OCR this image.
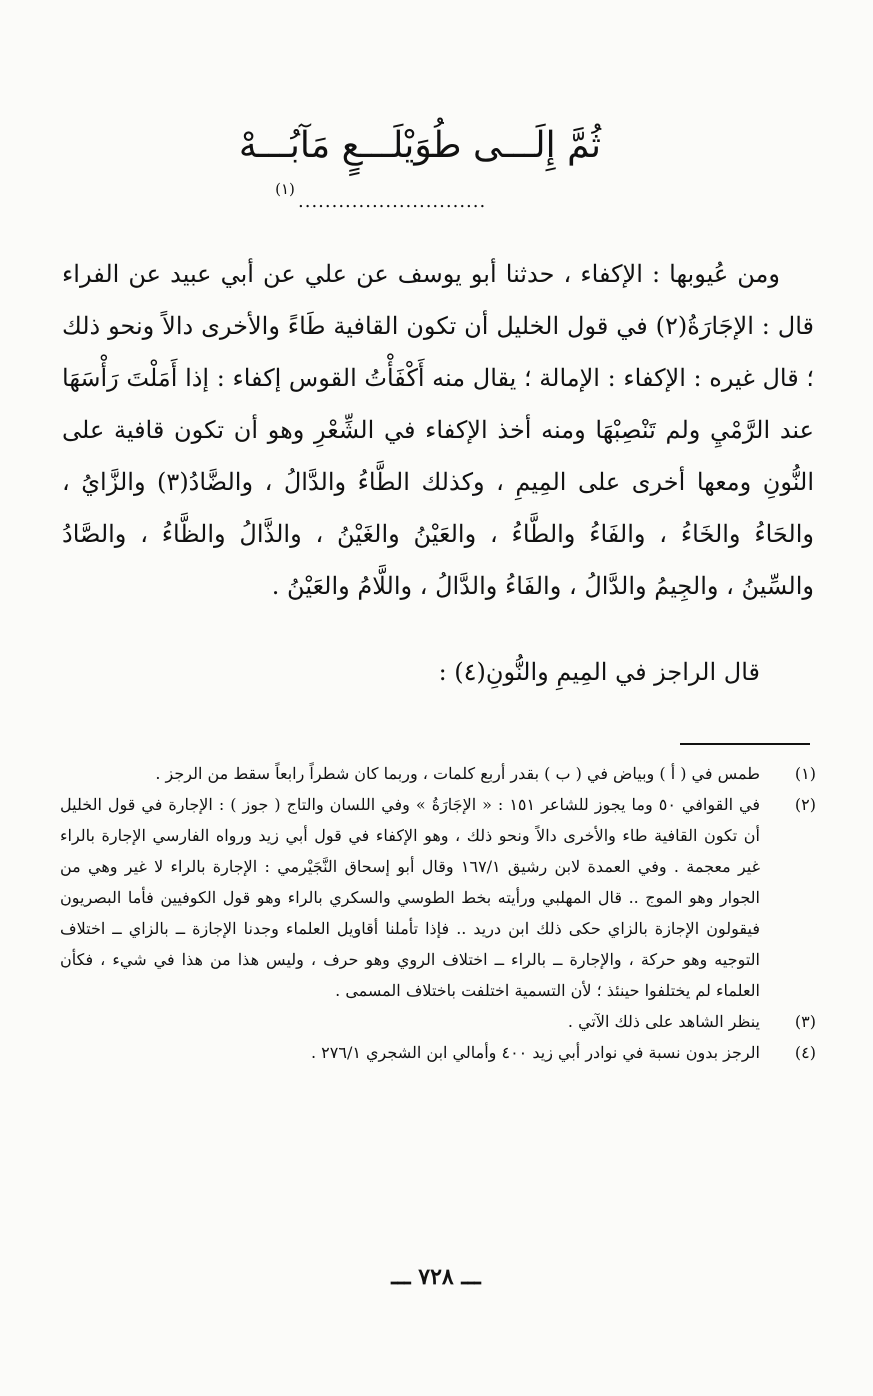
ثُمَّ إِلَـــى طُوَيْلَـــعٍ مَآبُـــهْ
(١)
............................
ومن عُيوبها : الإكفاء ، حدثنا أبو يوسف عن علي عن أبي عبيد عن الفراء قال : الإجَارَةُ(٢) في قول الخليل أن تكون القافية طَاءً والأخرى دالاً ونحو ذلك ؛ قال غيره : الإكفاء : الإمالة ؛ يقال منه أَكْفَأْتُ القوس إكفاء : إذا أَمَلْتَ رَأْسَهَا عند الرَّمْيِ ولم تَنْصِبْهَا ومنه أخذ الإكفاء في الشِّعْرِ وهو أن تكون قافية على النُّونِ ومعها أخرى على المِيمِ ، وكذلك الطَّاءُ والدَّالُ ، والضَّادُ(٣) والزَّايُ ، والحَاءُ والخَاءُ ، والفَاءُ والطَّاءُ ، والعَيْنُ والغَيْنُ ، والذَّالُ والظَّاءُ ، والصَّادُ والسِّينُ ، والجِيمُ والدَّالُ ، والفَاءُ والدَّالُ ، واللَّامُ والعَيْنُ .
قال الراجز في المِيمِ والنُّونِ(٤) :
(١)
طمس في ( أ ) وبياض في ( ب ) بقدر أربع كلمات ، وربما كان شطراً رابعاً سقط من الرجز .
(٢)
في القوافي ٥٠ وما يجوز للشاعر ١٥١ : « الإجَارَةُ » وفي اللسان والتاج ( جوز ) : الإجارة في قول الخليل أن تكون القافية طاء والأخرى دالاً ونحو ذلك ، وهو الإكفاء في قول أبي زيد ورواه الفارسي الإجارة بالراء غير معجمة . وفي العمدة لابن رشيق ١٦٧/١ وقال أبو إسحاق النَّجَيْرمي : الإجارة بالراء لا غير وهي من الجوار وهو الموج .. قال المهلبي ورأيته بخط الطوسي والسكري بالراء وهو قول الكوفيين فأما البصريون فيقولون الإجازة بالزاي حكى ذلك ابن دريد .. فإذا تأملنا أقاويل العلماء وجدنا الإجازة ــ بالزاي ــ اختلاف التوجيه وهو حركة ، والإجارة ــ بالراء ــ اختلاف الروي وهو حرف ، وليس هذا من هذا في شيء ، فكأن العلماء لم يختلفوا حينئذ ؛ لأن التسمية اختلفت باختلاف المسمى .
(٣)
ينظر الشاهد على ذلك الآتي .
(٤)
الرجز بدون نسبة في نوادر أبي زيد ٤٠٠ وأمالي ابن الشجري ٢٧٦/١ .
ـــ ٧٢٨ ـــ
